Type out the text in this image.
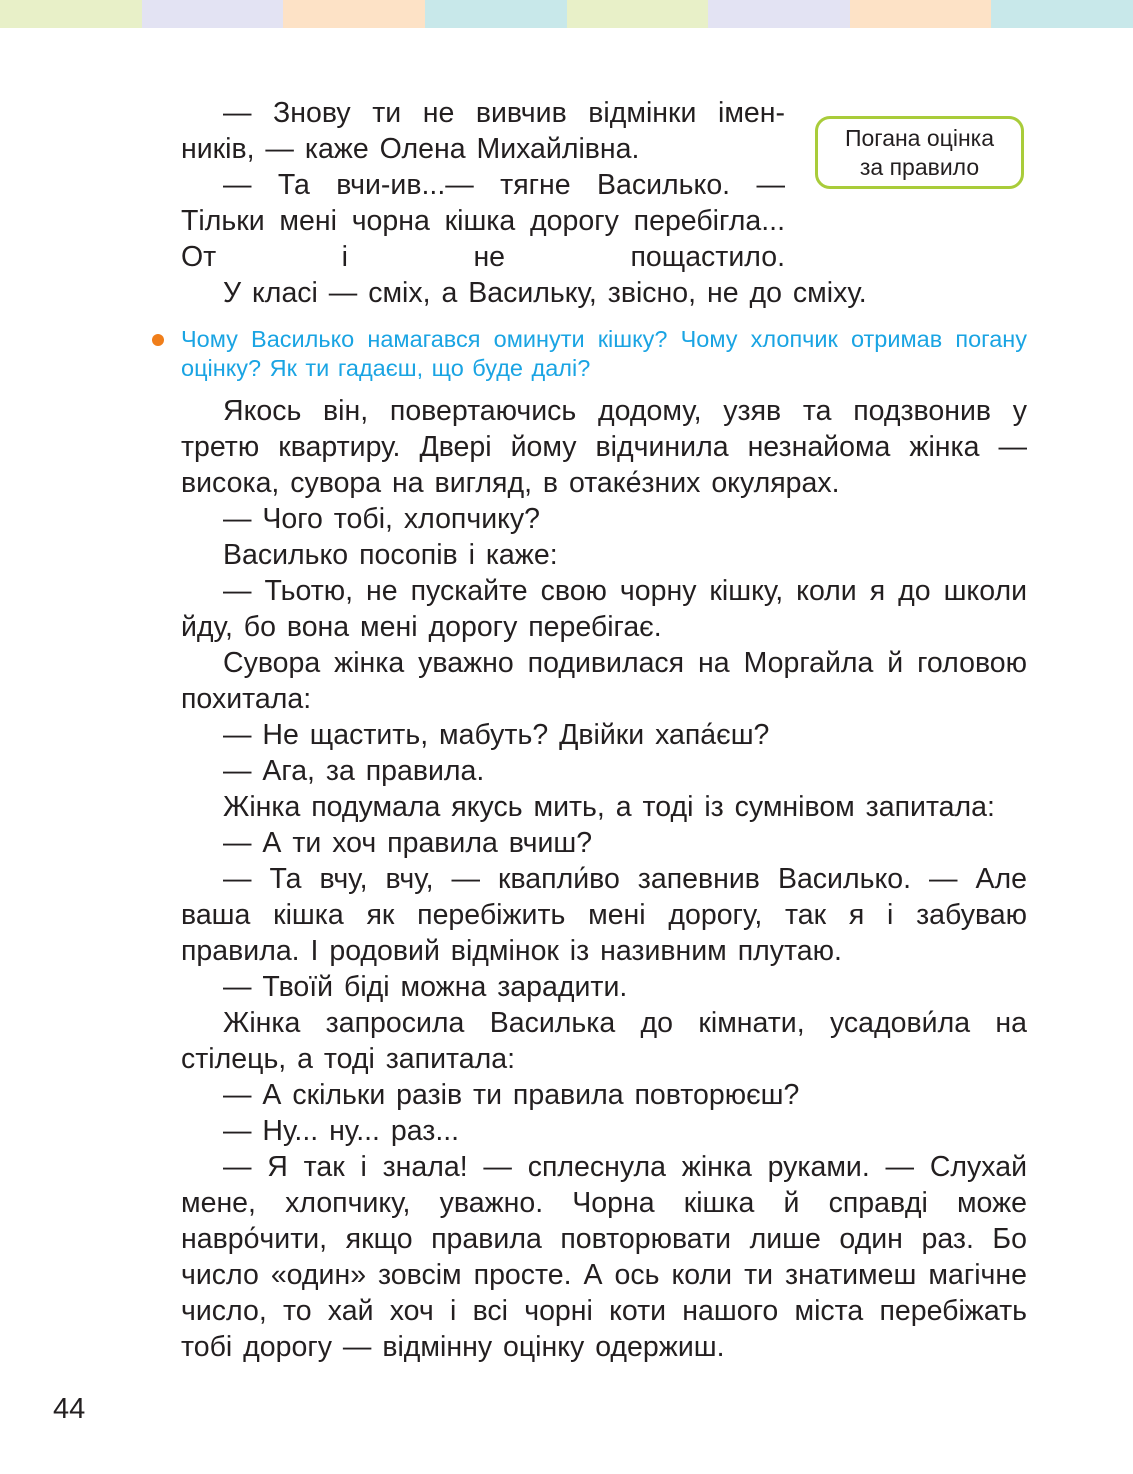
Погана оцінка
за правило

— Знову ти не вивчив відмінки іменників, — каже Олена Михайлівна.

— Та вчи-ив...— тягне Василько. — Тільки мені чорна кішка дорогу перебігла... От і не пощастило.

У класі — сміх, а Васильку, звісно, не до сміху.

Чому Василько намагався оминути кішку? Чому хлопчик отримав погану оцінку? Як ти гадаєш, що буде далі?

Якось він, повертаючись додому, узяв та подзвонив у третю квартиру. Двері йому відчинила незнайома жінка — висока, сувора на вигляд, в отаке́зних окулярах.

— Чого тобі, хлопчику?

Василько посопів і каже:

— Тьотю, не пускайте свою чорну кішку, коли я до школи йду, бо вона мені дорогу перебігає.

Сувора жінка уважно подивилася на Моргайла й головою похитала:

— Не щастить, мабуть? Двійки хапа́єш?

— Ага, за правила.

Жінка подумала якусь мить, а тоді із сумнівом запитала:

— А ти хоч правила вчиш?

— Та вчу, вчу, — квапли́во запевнив Василько. — Але ваша кішка як перебіжить мені дорогу, так я і забуваю правила. І родовий відмінок із називним плутаю.

— Твоїй біді можна зарадити.

Жінка запросила Василька до кімнати, усадови́ла на стілець, а тоді запитала:

— А скільки разів ти правила повторюєш?

— Ну... ну... раз...

— Я так і знала! — сплеснула жінка руками. — Слухай мене, хлопчику, уважно. Чорна кішка й справді може навро́чити, якщо правила повторювати лише один раз. Бо число «один» зовсім просте. А ось коли ти знатимеш магічне число, то хай хоч і всі чорні коти нашого міста перебіжать тобі дорогу — відмінну оцінку одержиш.

44
